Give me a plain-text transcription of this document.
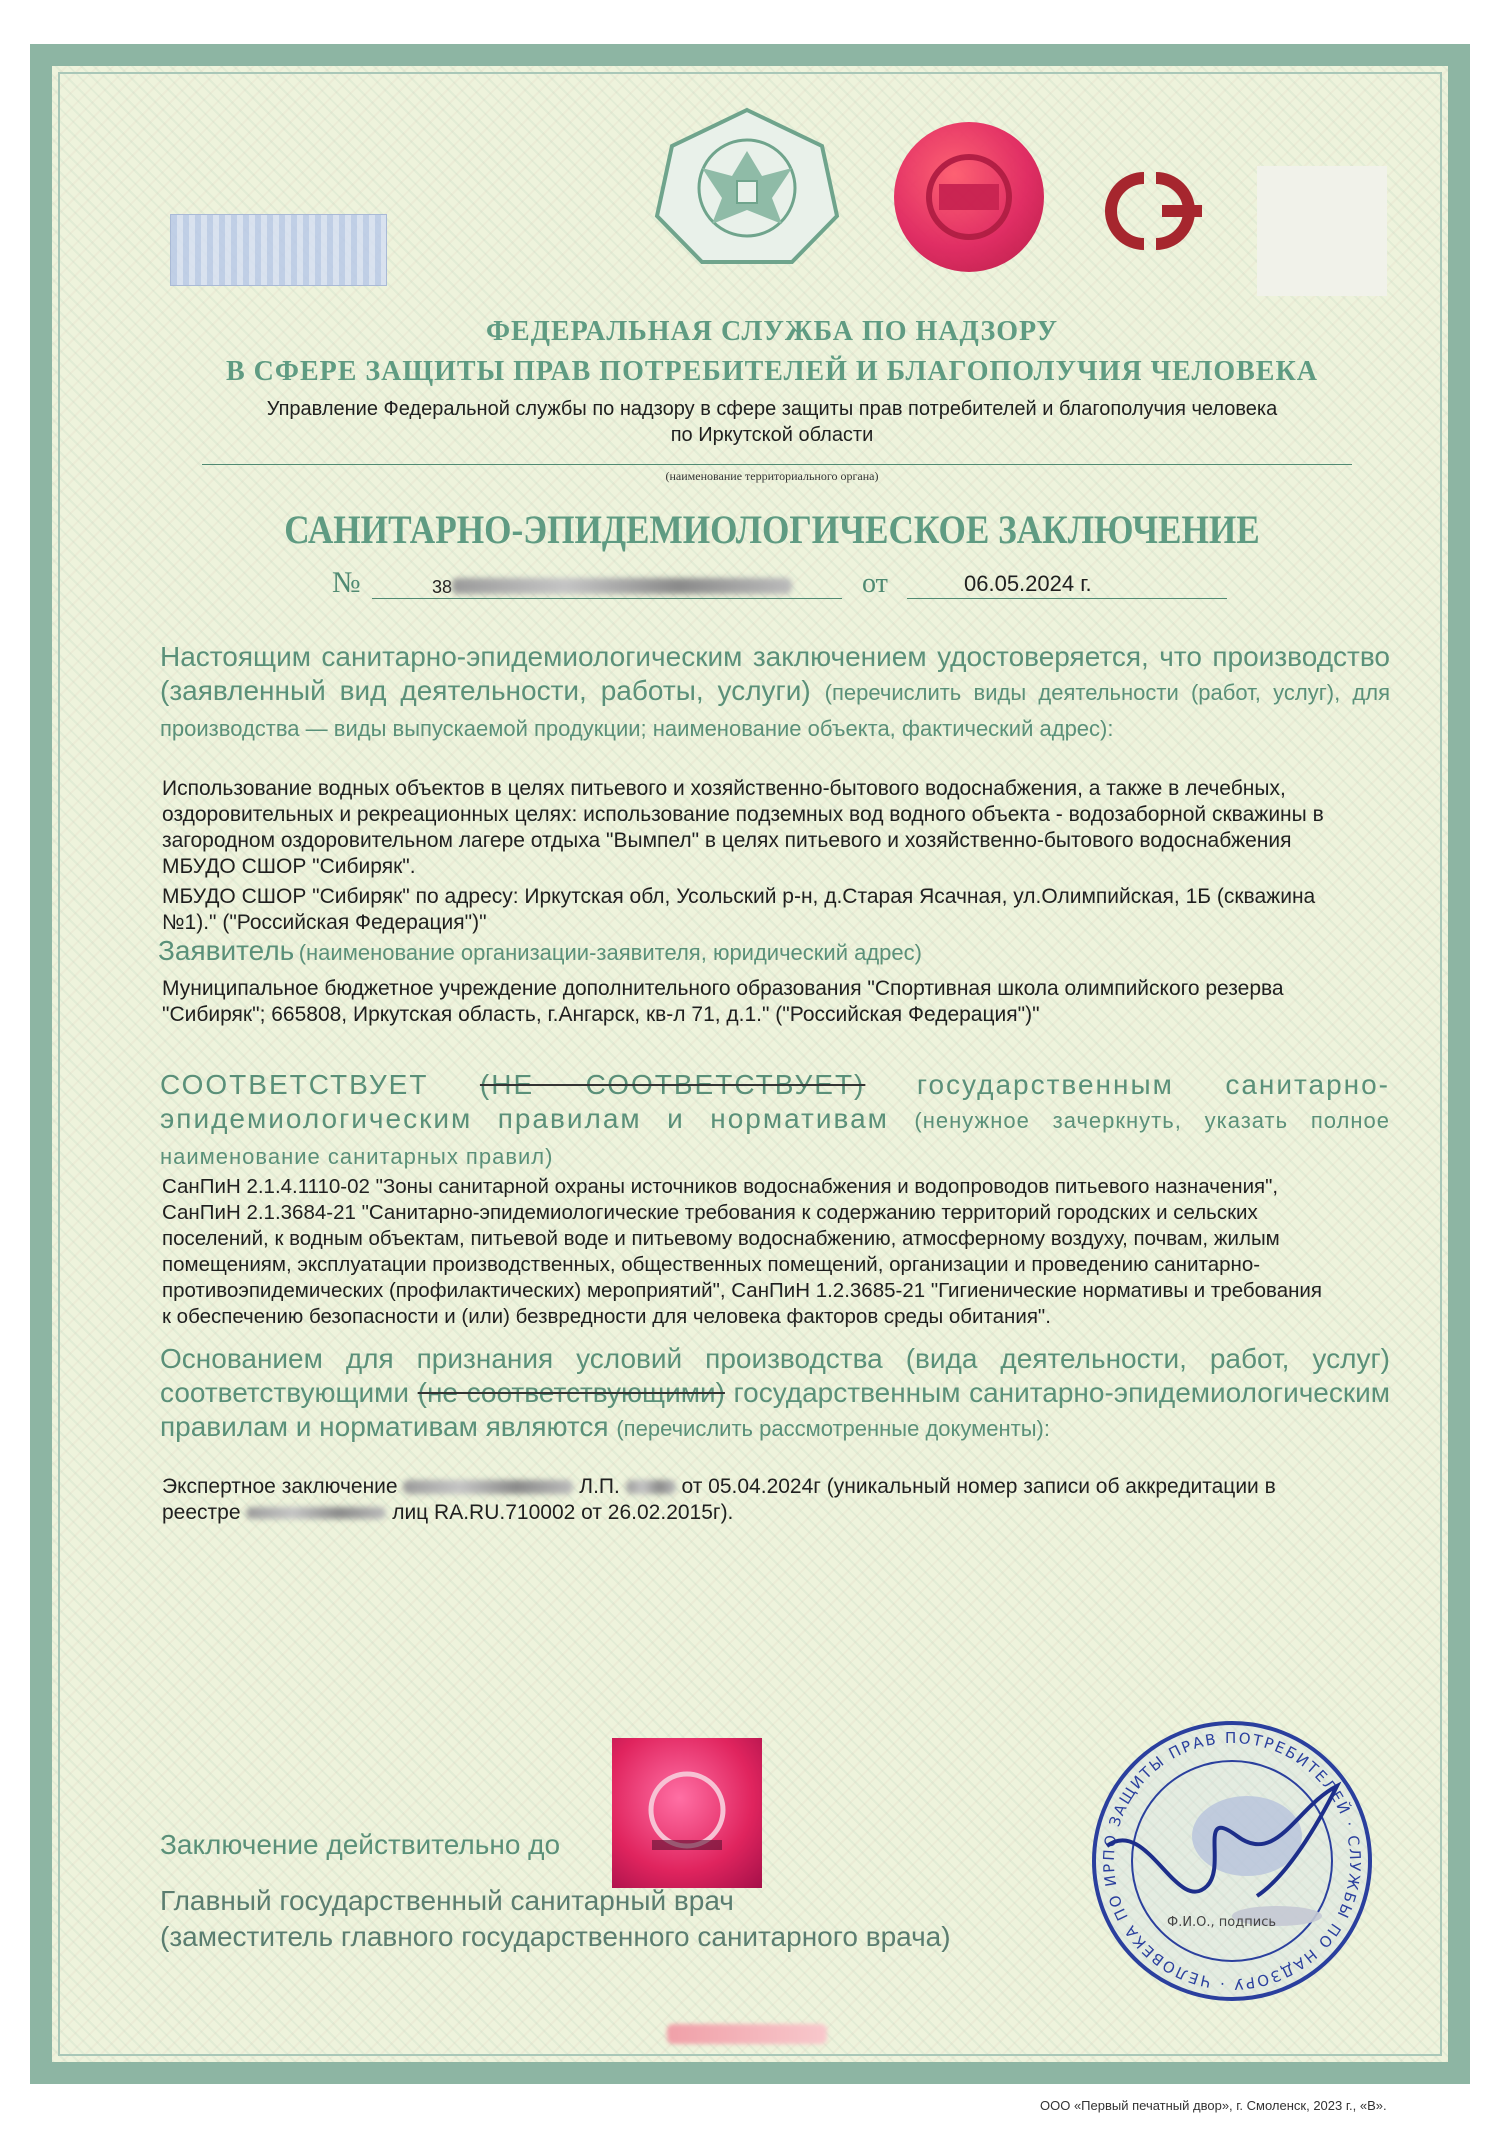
ФЕДЕРАЛЬНАЯ СЛУЖБА ПО НАДЗОРУ
В СФЕРЕ ЗАЩИТЫ ПРАВ ПОТРЕБИТЕЛЕЙ И БЛАГОПОЛУЧИЯ ЧЕЛОВЕКА
Управление Федеральной службы по надзору в сфере защиты прав потребителей и благополучия человека по Иркутской области
(наименование территориального органа)
САНИТАРНО-ЭПИДЕМИОЛОГИЧЕСКОЕ ЗАКЛЮЧЕНИЕ
№	38	от	06.05.2024 г.
Настоящим санитарно-эпидемиологическим заключением удостоверяется, что производство (заявленный вид деятельности, работы, услуги) (перечислить виды деятельности (работ, услуг), для производства — виды выпускаемой продукции; наименование объекта, фактический адрес):
Использование водных объектов в целях питьевого и хозяйственно-бытового водоснабжения, а также в лечебных, оздоровительных и рекреационных целях: использование подземных вод водного объекта - водозаборной скважины в загородном оздоровительном лагере отдыха "Вымпел" в целях питьевого и хозяйственно-бытового водоснабжения МБУДО СШОР "Сибиряк".
МБУДО СШОР "Сибиряк" по адресу: Иркутская обл, Усольский р-н, д.Старая Ясачная, ул.Олимпийская, 1Б (скважина №1)." ("Российская Федерация")"
Заявитель (наименование организации-заявителя, юридический адрес)
Муниципальное бюджетное учреждение дополнительного образования "Спортивная школа олимпийского резерва "Сибиряк"; 665808, Иркутская область, г.Ангарск, кв-л 71, д.1." ("Российская Федерация")"
СООТВЕТСТВУЕТ (НЕ СООТВЕТСТВУЕТ) государственным санитарно-эпидемиологическим правилам и нормативам (ненужное зачеркнуть, указать полное наименование санитарных правил)
СанПиН 2.1.4.1110-02 "Зоны санитарной охраны источников водоснабжения и водопроводов питьевого назначения", СанПиН 2.1.3684-21 "Санитарно-эпидемиологические требования к содержанию территорий городских и сельских поселений, к водным объектам, питьевой воде и питьевому водоснабжению, атмосферному воздуху, почвам, жилым помещениям, эксплуатации производственных, общественных помещений, организации и проведению санитарно-противоэпидемических (профилактических) мероприятий", СанПиН 1.2.3685-21 "Гигиенические нормативы и требования к обеспечению безопасности и (или) безвредности для человека факторов среды обитания".
Основанием для признания условий производства (вида деятельности, работ, услуг) соответствующими (не соответствующими) государственным санитарно-эпидемиологическим правилам и нормативам являются (перечислить рассмотренные документы):
Экспертное заключение	Л.П.	от 05.04.2024г (уникальный номер записи об аккредитации в реестре	лиц RA.RU.710002 от 26.02.2015г).
Заключение действительно до
Главный государственный санитарный врач
(заместитель главного государственного санитарного врача)
ПО ЗАЩИТЫ ПРАВ ПОТРЕБИТЕЛЕЙ · СЛУЖБЫ ПО НАДЗОРУ · ЧЕЛОВЕКА ПО ИР
Ф.И.О., подпись
ООО «Первый печатный двор», г. Смоленск, 2023 г., «В».
